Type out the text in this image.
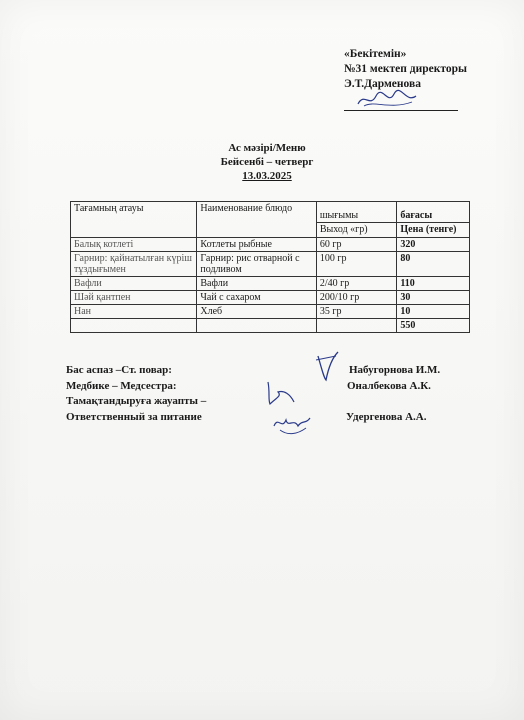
«Бекітемін»
№31 мектеп директоры
Э.Т.Дарменова
Ас мәзірі/Меню
Бейсенбі – четверг
13.03.2025
Тағамның атауы	Наименование блюдо	шығымы	бағасы
		Выход «гр)	Цена (тенге)
Балық котлеті	Котлеты рыбные	60 гр	320
Гарнир: қайнатылған күріш тұздығымен	Гарнир: рис отварной с подливом	100 гр	80
Вафли	Вафли	2/40 гр	110
Шәй қантпен	Чай с сахаром	200/10 гр	30
Нан	Хлеб	35 гр	10
			550
Бас аспаз –Ст. повар:	Набугорнова И.М.
Медбике – Медсестра:	Оналбекова А.К.
Тамақтандыруға жауапты –
Ответственный за питание	Удергенова А.А.
